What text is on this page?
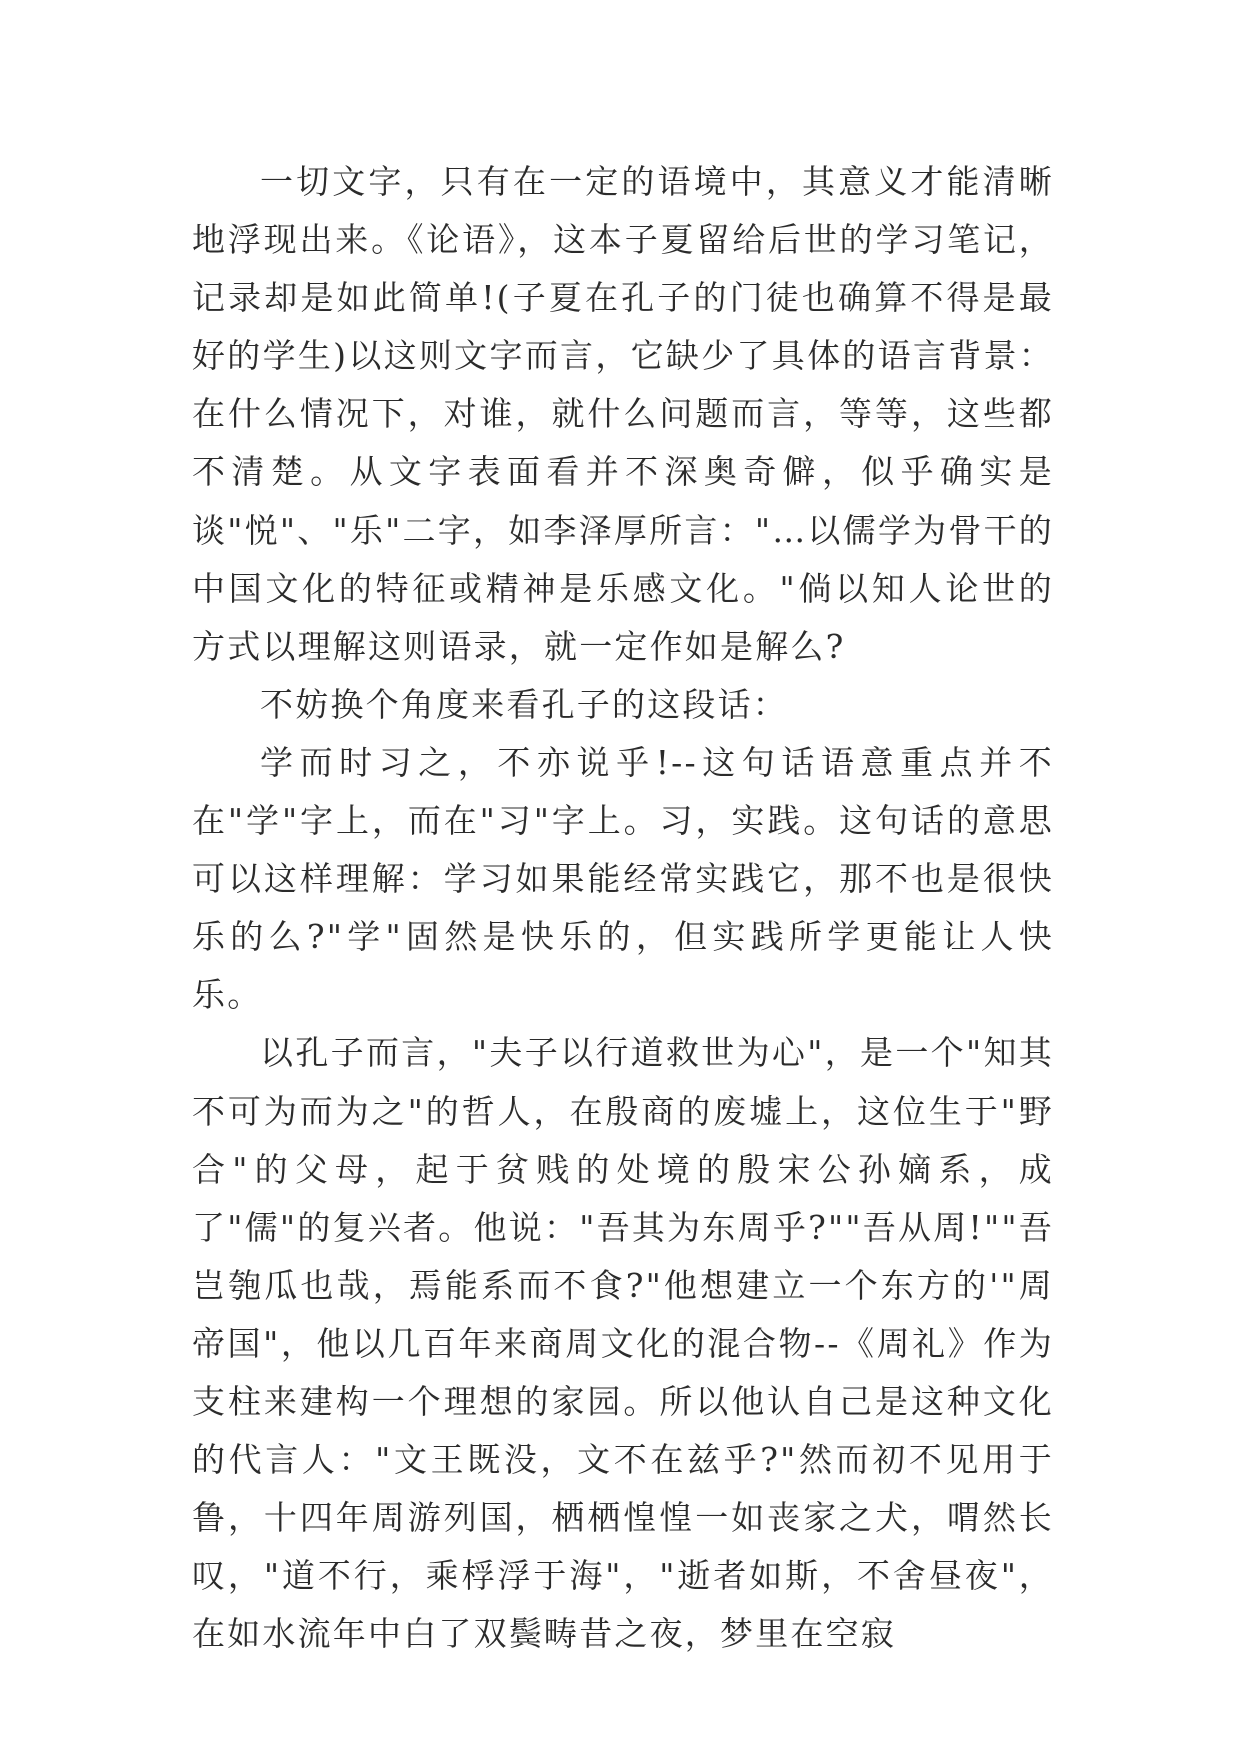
一切文字，只有在一定的语境中，其意义才能清晰地浮现出来。《论语》，这本子夏留给后世的学习笔记，记录却是如此简单!(子夏在孔子的门徒也确算不得是最好的学生)以这则文字而言，它缺少了具体的语言背景：在什么情况下，对谁，就什么问题而言，等等，这些都不清楚。从文字表面看并不深奥奇僻，似乎确实是谈"悦"、"乐"二字，如李泽厚所言："…以儒学为骨干的中国文化的特征或精神是乐感文化。"倘以知人论世的方式以理解这则语录，就一定作如是解么?

不妨换个角度来看孔子的这段话：

学而时习之，不亦说乎!--这句话语意重点并不在"学"字上，而在"习"字上。习，实践。这句话的意思可以这样理解：学习如果能经常实践它，那不也是很快乐的么?"学"固然是快乐的，但实践所学更能让人快乐。

以孔子而言，"夫子以行道救世为心"，是一个"知其不可为而为之"的哲人，在殷商的废墟上，这位生于"野合"的父母，起于贫贱的处境的殷宋公孙嫡系，成了"儒"的复兴者。他说："吾其为东周乎?""吾从周!""吾岂匏瓜也哉，焉能系而不食?"他想建立一个东方的'"周帝国"，他以几百年来商周文化的混合物--《周礼》作为支柱来建构一个理想的家园。所以他认自己是这种文化的代言人："文王既没，文不在兹乎?"然而初不见用于鲁，十四年周游列国，栖栖惶惶一如丧家之犬，喟然长叹，"道不行，乘桴浮于海"，"逝者如斯，不舍昼夜"，在如水流年中白了双鬓畴昔之夜，梦里在空寂
